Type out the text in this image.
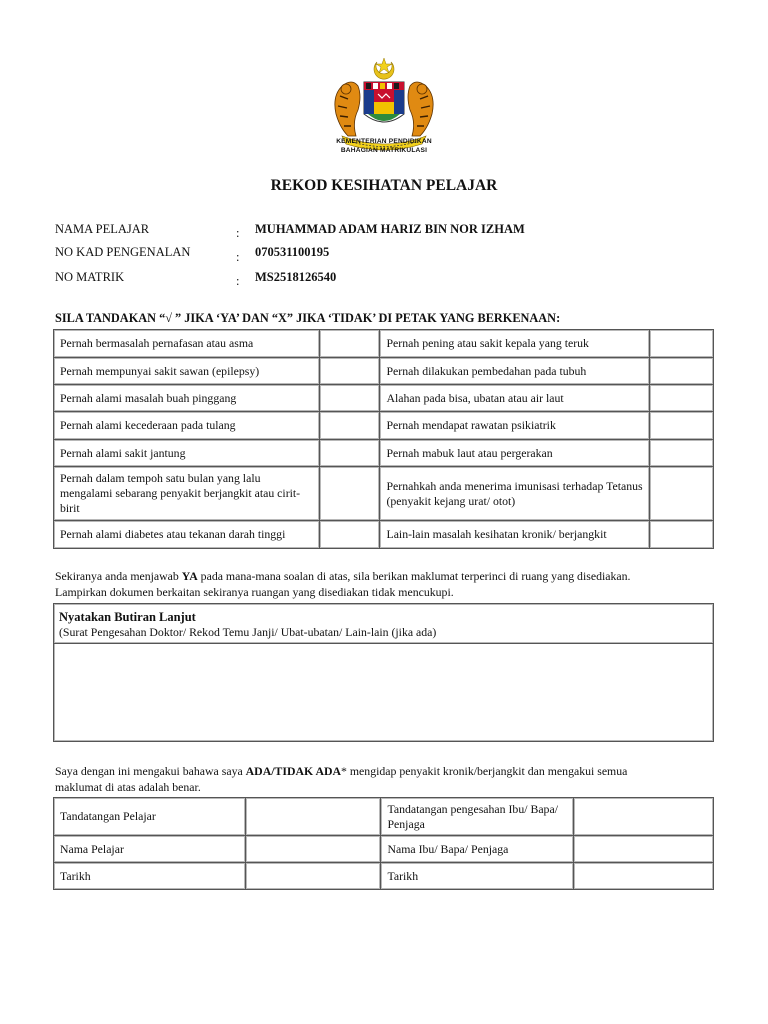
KEMENTERIAN PENDIDIKAN
BAHAGIAN MATRIKULASI
REKOD KESIHATAN PELAJAR
NAMA PELAJAR	: MUHAMMAD ADAM HARIZ BIN NOR IZHAM
NO KAD PENGENALAN	: 070531100195
NO MATRIK	: MS2518126540
SILA TANDAKAN “√ ” JIKA ‘YA’ DAN “X” JIKA ‘TIDAK’ DI PETAK YANG BERKENAAN:
Pernah bermasalah pernafasan atau asma		Pernah pening atau sakit kepala yang teruk	
Pernah mempunyai sakit sawan (epilepsy)		Pernah dilakukan pembedahan pada tubuh	
Pernah alami masalah buah pinggang		Alahan pada bisa, ubatan atau air laut	
Pernah alami kecederaan pada tulang		Pernah mendapat rawatan psikiatrik	
Pernah alami sakit jantung		Pernah mabuk laut atau pergerakan	
Pernah dalam tempoh satu bulan yang lalu mengalami sebarang penyakit berjangkit atau cirit-birit		Pernahkah anda menerima imunisasi terhadap Tetanus (penyakit kejang urat/ otot)	
Pernah alami diabetes atau tekanan darah tinggi		Lain-lain masalah kesihatan kronik/ berjangkit	
Sekiranya anda menjawab YA pada mana-mana soalan di atas, sila berikan maklumat terperinci di ruang yang disediakan.
Lampirkan dokumen berkaitan sekiranya ruangan yang disediakan tidak mencukupi.
Nyatakan Butiran Lanjut
(Surat Pengesahan Doktor/ Rekod Temu Janji/ Ubat-ubatan/ Lain-lain (jika ada)
Saya dengan ini mengakui bahawa saya ADA/TIDAK ADA* mengidap penyakit kronik/berjangkit dan mengakui semua
maklumat di atas adalah benar.
Tandatangan Pelajar		Tandatangan pengesahan Ibu/ Bapa/ Penjaga	
Nama Pelajar		Nama Ibu/ Bapa/ Penjaga	
Tarikh		Tarikh	
